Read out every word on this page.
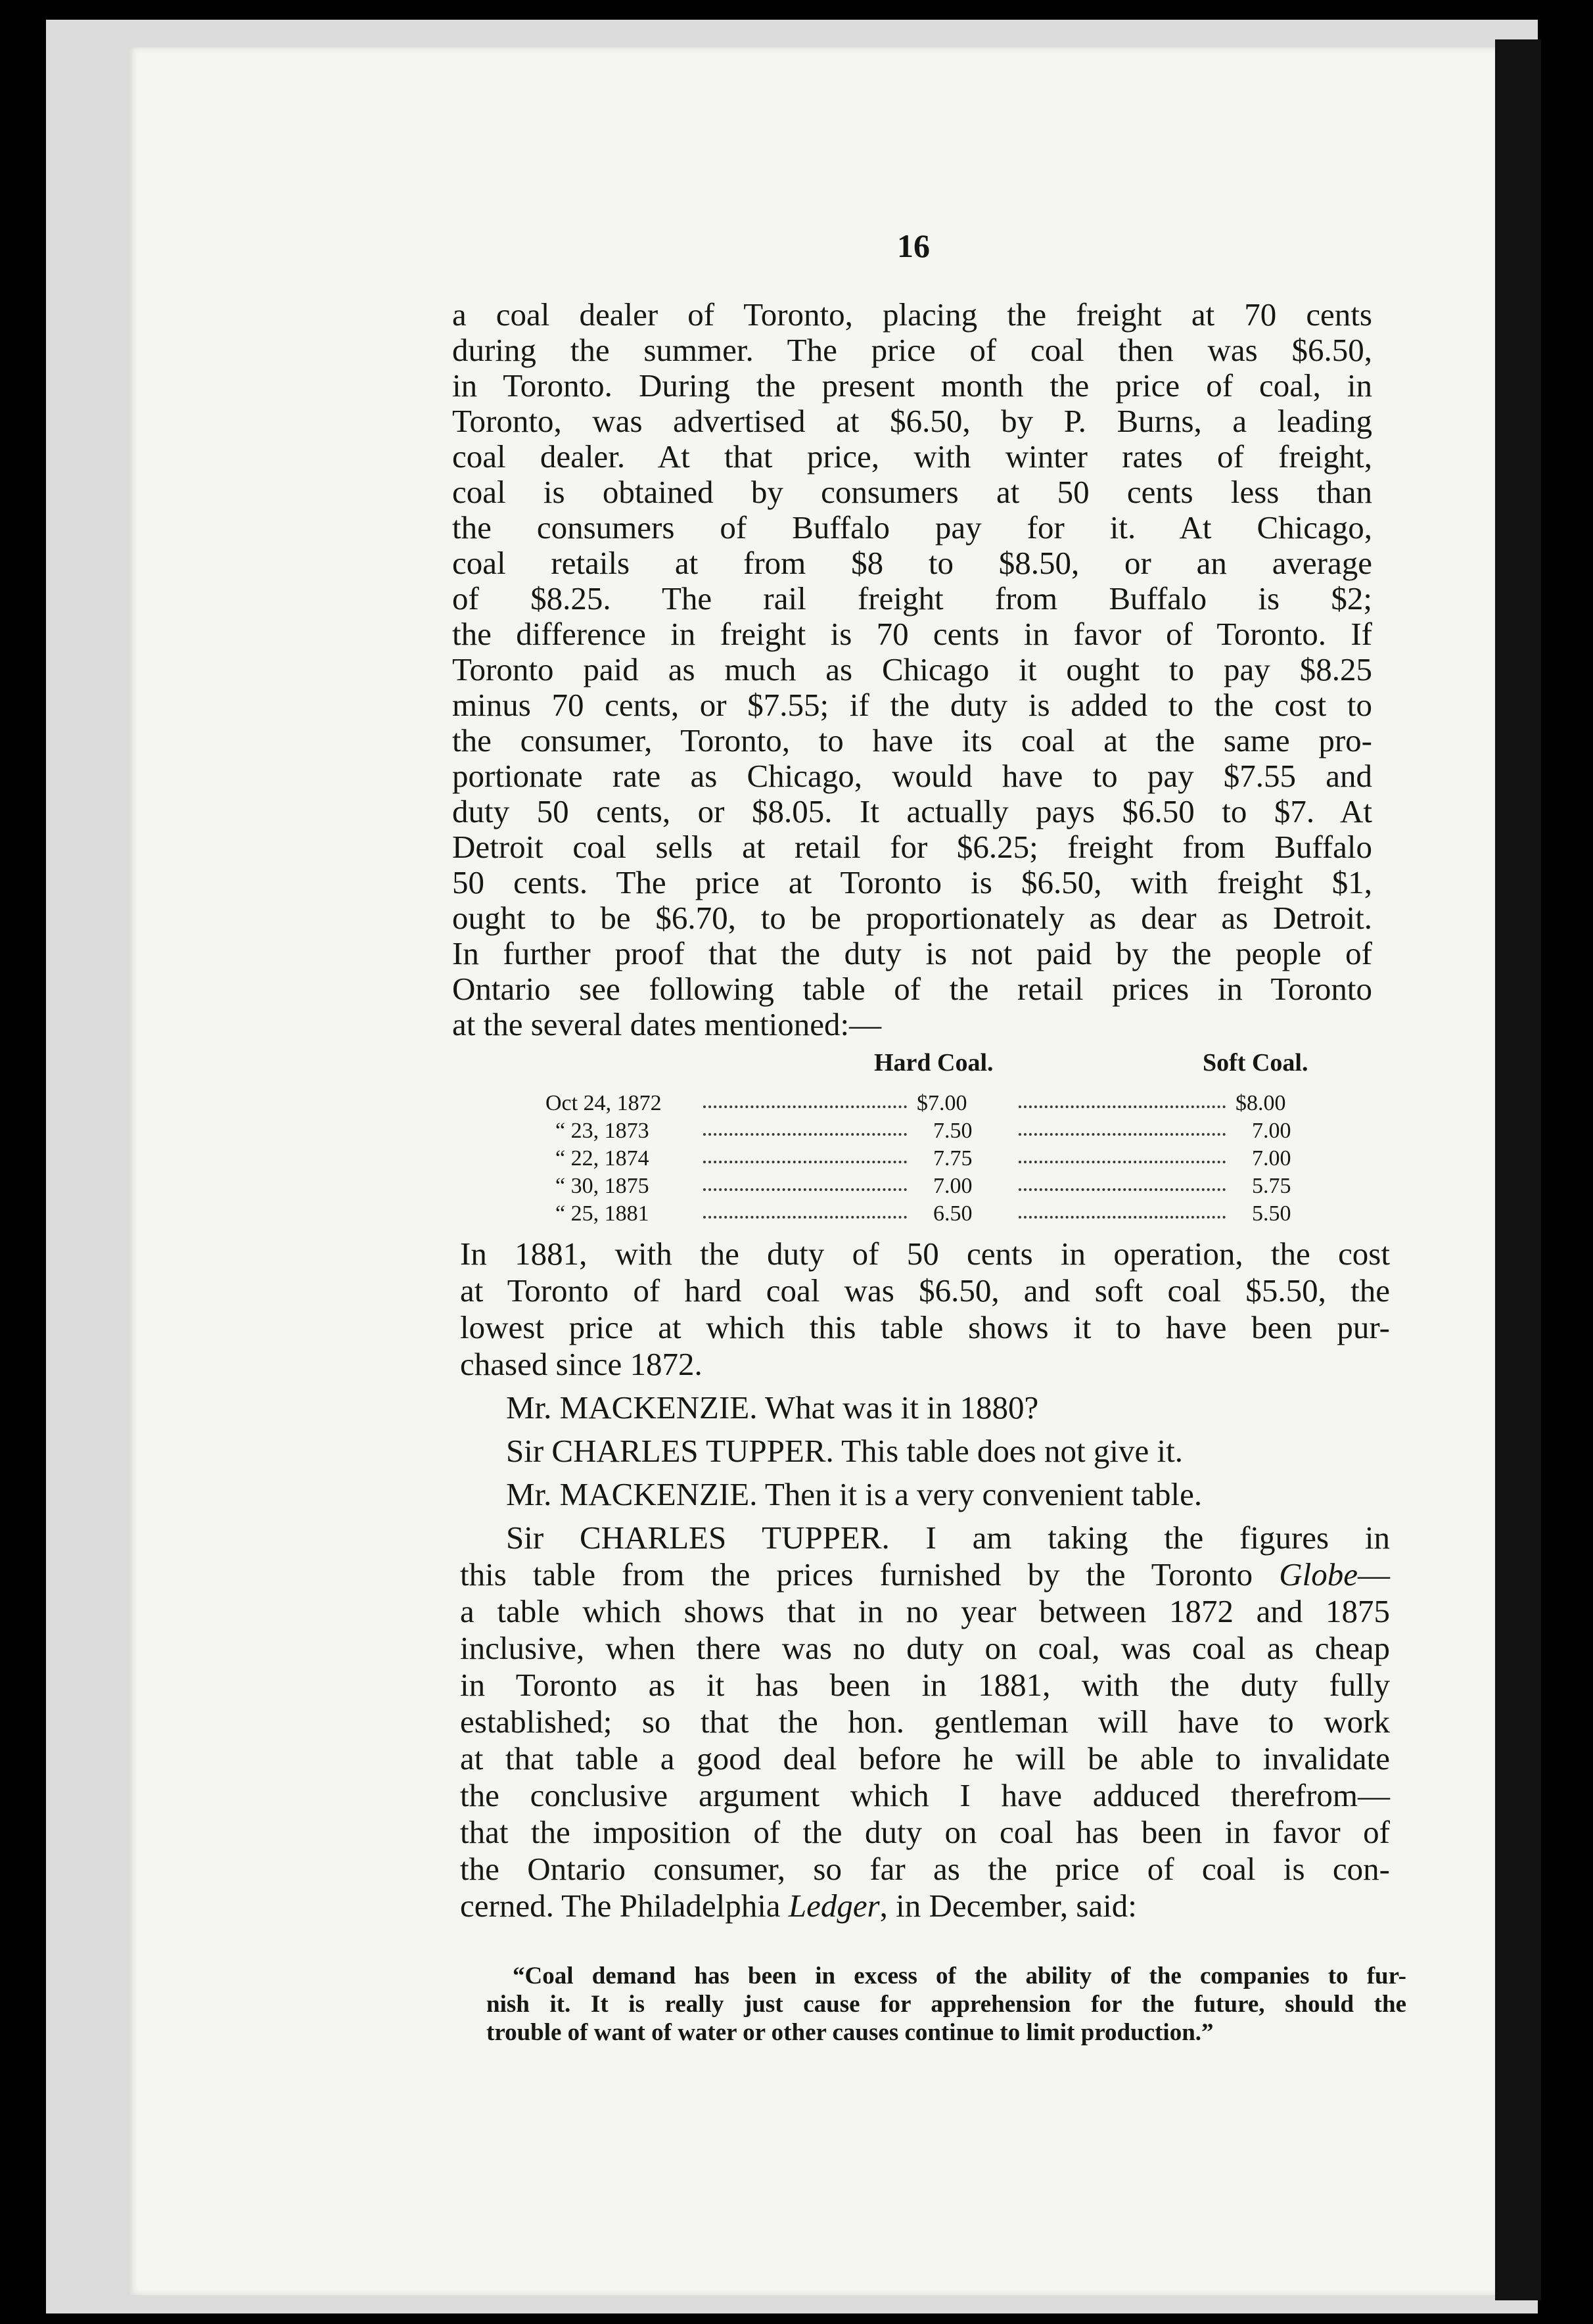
16
a coal dealer of Toronto, placing the freight at 70 cents
during the summer. The price of coal then was $6.50,
in Toronto. During the present month the price of coal, in
Toronto, was advertised at $6.50, by P. Burns, a leading
coal dealer. At that price, with winter rates of freight,
coal is obtained by consumers at 50 cents less than
the consumers of Buffalo pay for it. At Chicago,
coal retails at from $8 to $8.50, or an average
of $8.25. The rail freight from Buffalo is $2;
the difference in freight is 70 cents in favor of Toronto. If
Toronto paid as much as Chicago it ought to pay $8.25
minus 70 cents, or $7.55; if the duty is added to the cost to
the consumer, Toronto, to have its coal at the same pro-
portionate rate as Chicago, would have to pay $7.55 and
duty 50 cents, or $8.05. It actually pays $6.50 to $7. At
Detroit coal sells at retail for $6.25; freight from Buffalo
50 cents. The price at Toronto is $6.50, with freight $1,
ought to be $6.70, to be proportionately as dear as Detroit.
In further proof that the duty is not paid by the people of
Ontario see following table of the retail prices in Toronto
at the several dates mentioned:—
Hard Coal.	Soft Coal.
Oct 24, 1872	$7.00	$8.00
“ 23, 1873	7.50	7.00
“ 22, 1874	7.75	7.00
“ 30, 1875	7.00	5.75
“ 25, 1881	6.50	5.50
In 1881, with the duty of 50 cents in operation, the cost
at Toronto of hard coal was $6.50, and soft coal $5.50, the
lowest price at which this table shows it to have been pur-
chased since 1872.
Mr. MACKENZIE. What was it in 1880?
Sir CHARLES TUPPER. This table does not give it.
Mr. MACKENZIE. Then it is a very convenient table.
Sir CHARLES TUPPER. I am taking the figures in
this table from the prices furnished by the Toronto Globe—
a table which shows that in no year between 1872 and 1875
inclusive, when there was no duty on coal, was coal as cheap
in Toronto as it has been in 1881, with the duty fully
established; so that the hon. gentleman will have to work
at that table a good deal before he will be able to invalidate
the conclusive argument which I have adduced therefrom—
that the imposition of the duty on coal has been in favor of
the Ontario consumer, so far as the price of coal is con-
cerned. The Philadelphia Ledger, in December, said:
“Coal demand has been in excess of the ability of the companies to fur-
nish it. It is really just cause for apprehension for the future, should the
trouble of want of water or other causes continue to limit production.”
